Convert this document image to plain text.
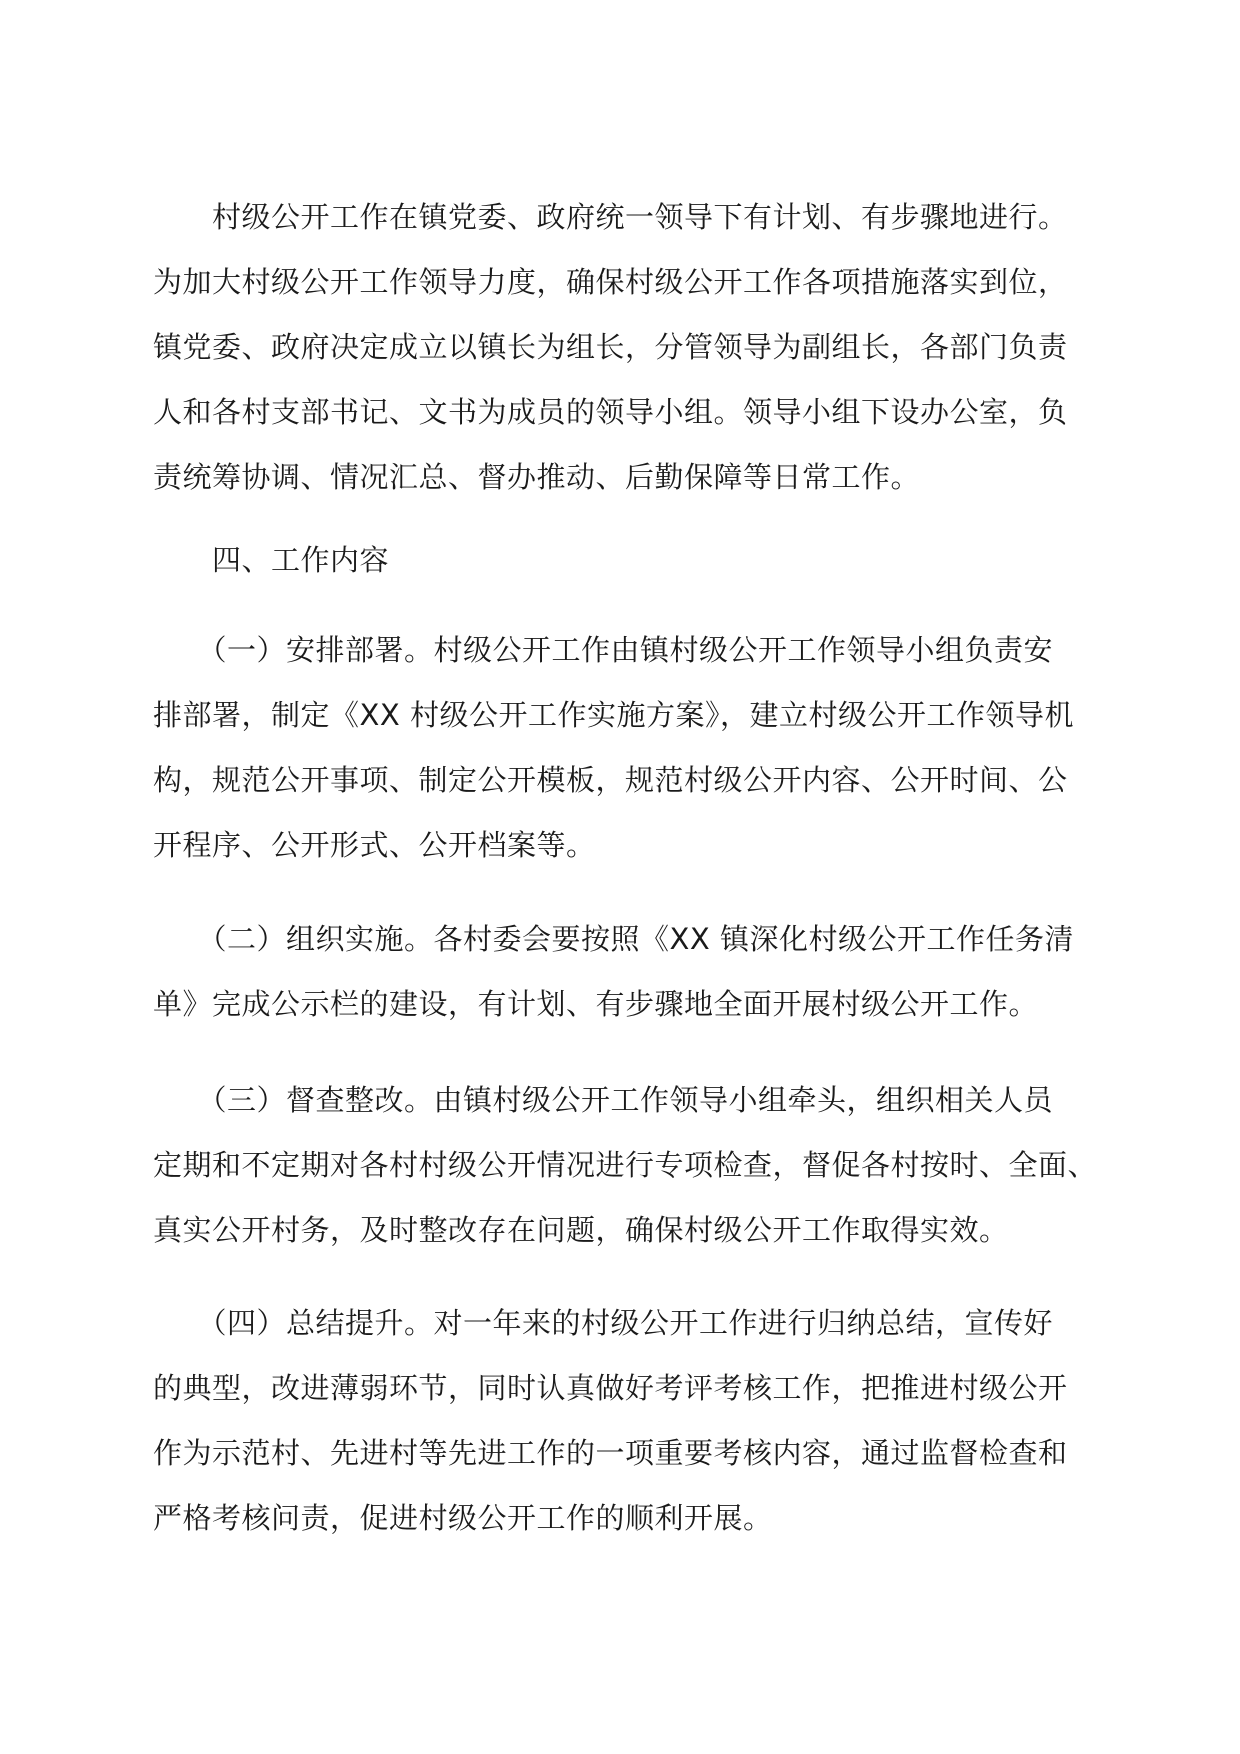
　　村级公开工作在镇党委、政府统一领导下有计划、有步骤地进行。
为加大村级公开工作领导力度，确保村级公开工作各项措施落实到位，
镇党委、政府决定成立以镇长为组长，分管领导为副组长，各部门负责
人和各村支部书记、文书为成员的领导小组。领导小组下设办公室，负
责统筹协调、情况汇总、督办推动、后勤保障等日常工作。

　　四、工作内容

　　（一）安排部署。村级公开工作由镇村级公开工作领导小组负责安
排部署，制定《XX 村级公开工作实施方案》，建立村级公开工作领导机
构，规范公开事项、制定公开模板，规范村级公开内容、公开时间、公
开程序、公开形式、公开档案等。

　　（二）组织实施。各村委会要按照《XX 镇深化村级公开工作任务清
单》完成公示栏的建设，有计划、有步骤地全面开展村级公开工作。

　　（三）督查整改。由镇村级公开工作领导小组牵头，组织相关人员
定期和不定期对各村村级公开情况进行专项检查，督促各村按时、全面、
真实公开村务，及时整改存在问题，确保村级公开工作取得实效。

　　（四）总结提升。对一年来的村级公开工作进行归纳总结，宣传好
的典型，改进薄弱环节，同时认真做好考评考核工作，把推进村级公开
作为示范村、先进村等先进工作的一项重要考核内容，通过监督检查和
严格考核问责，促进村级公开工作的顺利开展。
